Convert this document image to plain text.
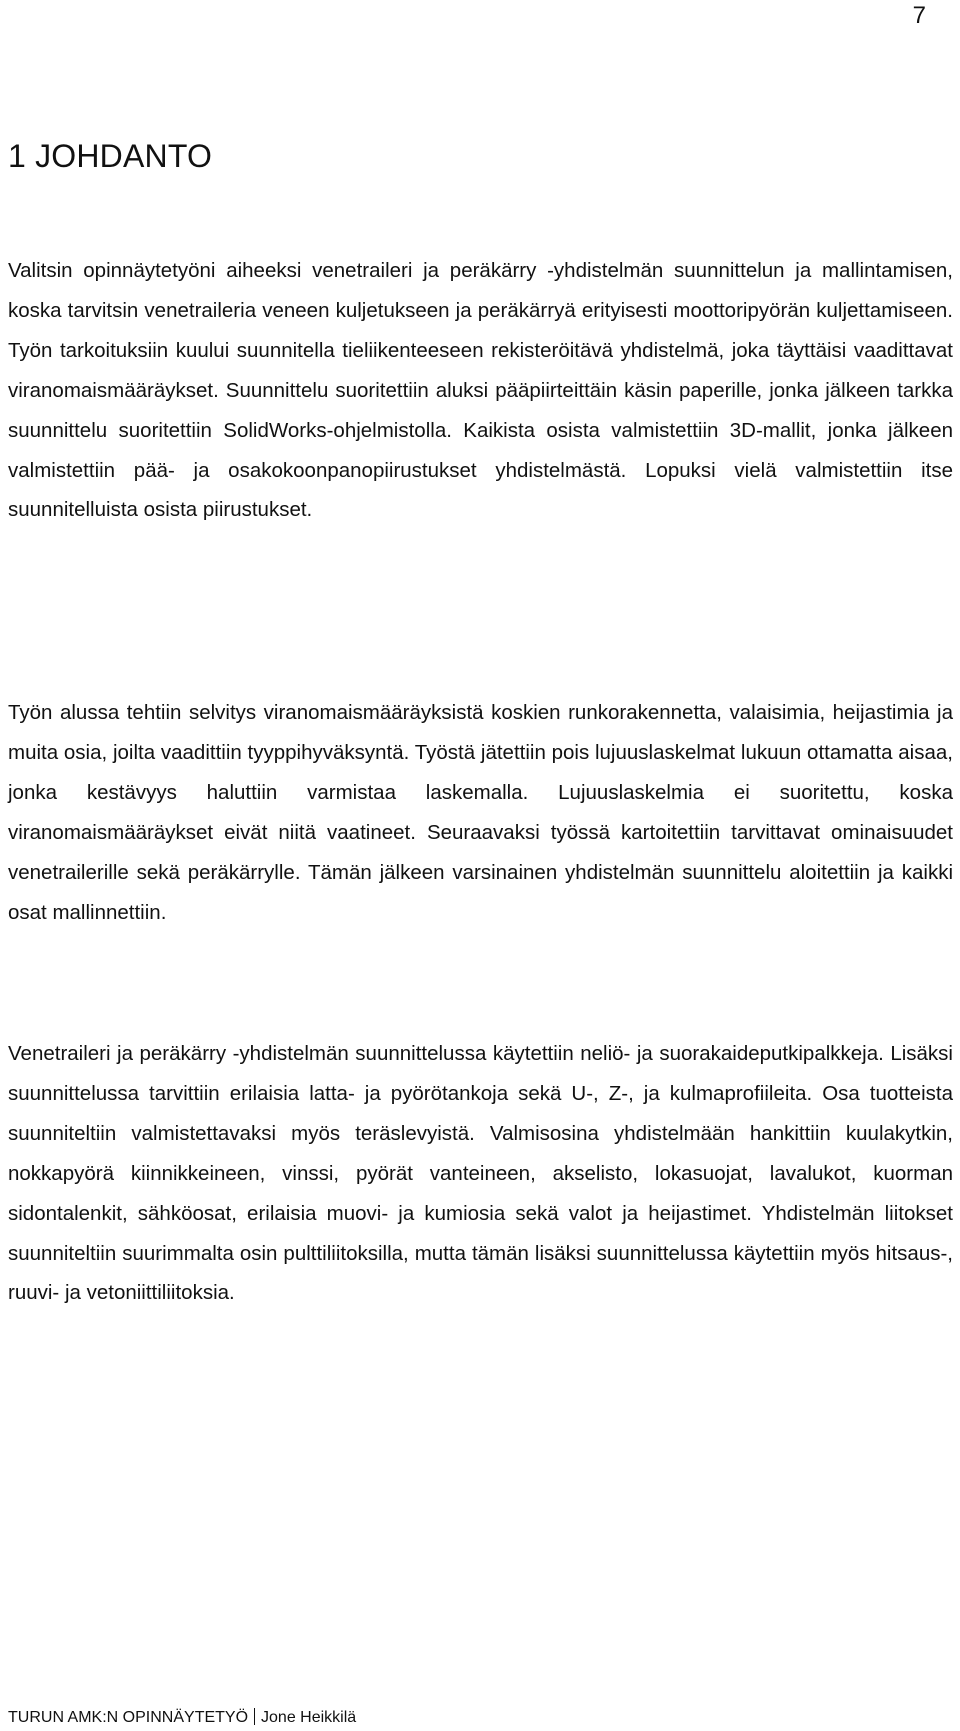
7
1 JOHDANTO

Valitsin opinnäytetyöni aiheeksi venetraileri ja peräkärry -yhdistelmän suunnittelun ja mallintamisen, koska tarvitsin venetraileria veneen kuljetukseen ja peräkärryä erityisesti moottoripyörän kuljettamiseen. Työn tarkoituksiin kuului suunnitella tieliikenteeseen rekisteröitävä yhdistelmä, joka täyttäisi vaadittavat viranomaismääräykset. Suunnittelu suoritettiin aluksi pääpiirteittäin käsin paperille, jonka jälkeen tarkka suunnittelu suoritettiin SolidWorks-ohjelmistolla. Kaikista osista valmistettiin 3D-mallit, jonka jälkeen valmistettiin pää- ja osakokoonpanopiirustukset yhdistelmästä. Lopuksi vielä valmistettiin itse suunnitelluista osista piirustukset.

Työn alussa tehtiin selvitys viranomaismääräyksistä koskien runkorakennetta, valaisimia, heijastimia ja muita osia, joilta vaadittiin tyyppihyväksyntä. Työstä jätettiin pois lujuuslaskelmat lukuun ottamatta aisaa, jonka kestävyys haluttiin varmistaa laskemalla. Lujuuslaskelmia ei suoritettu, koska viranomaismääräykset eivät niitä vaatineet. Seuraavaksi työssä kartoitettiin tarvittavat ominaisuudet venetrailerille sekä peräkärrylle. Tämän jälkeen varsinainen yhdistelmän suunnittelu aloitettiin ja kaikki osat mallinnettiin.

Venetraileri ja peräkärry -yhdistelmän suunnittelussa käytettiin neliö- ja suorakaideputkipalkkeja. Lisäksi suunnittelussa tarvittiin erilaisia latta- ja pyörötankoja sekä U-, Z-, ja kulmaprofiileita. Osa tuotteista suunniteltiin valmistettavaksi myös teräslevyistä. Valmisosina yhdistelmään hankittiin kuulakytkin, nokkapyörä kiinnikkeineen, vinssi, pyörät vanteineen, akselisto, lokasuojat, lavalukot, kuorman sidontalenkit, sähköosat, erilaisia muovi- ja kumiosia sekä valot ja heijastimet. Yhdistelmän liitokset suunniteltiin suurimmalta osin pulttiliitoksilla, mutta tämän lisäksi suunnittelussa käytettiin myös hitsaus-, ruuvi- ja vetoniittiliitoksia.

TURUN AMK:N OPINNÄYTETYÖ Jone Heikkilä
